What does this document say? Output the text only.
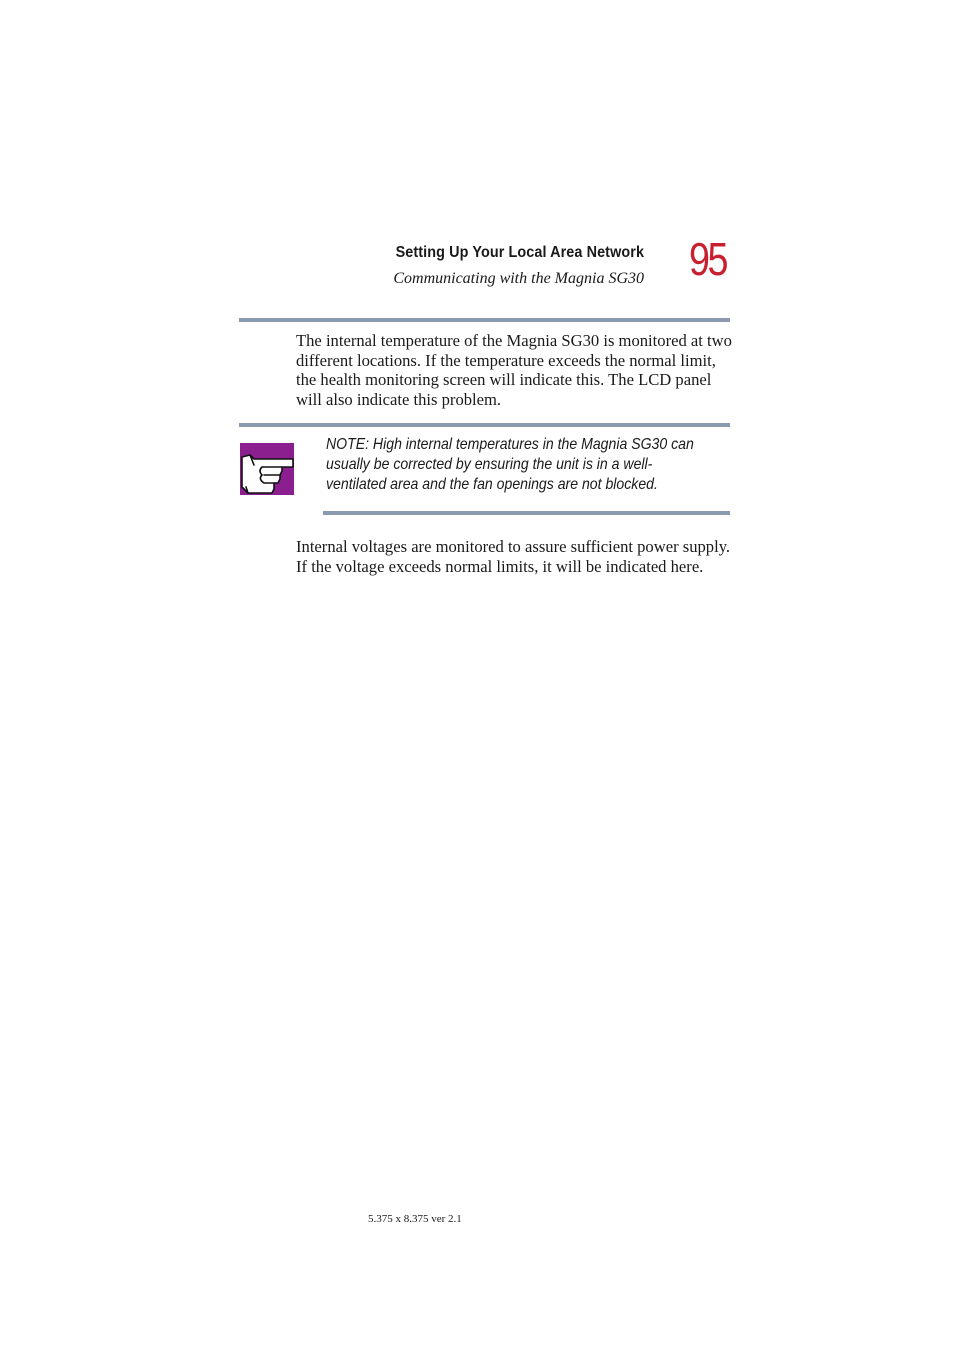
Setting Up Your Local Area Network
Communicating with the Magnia SG30 95

The internal temperature of the Magnia SG30 is monitored at two different locations. If the temperature exceeds the normal limit, the health monitoring screen will indicate this. The LCD panel will also indicate this problem.

NOTE: High internal temperatures in the Magnia SG30 can usually be corrected by ensuring the unit is in a well-ventilated area and the fan openings are not blocked.

Internal voltages are monitored to assure sufficient power supply. If the voltage exceeds normal limits, it will be indicated here.

5.375 x 8.375 ver 2.1
